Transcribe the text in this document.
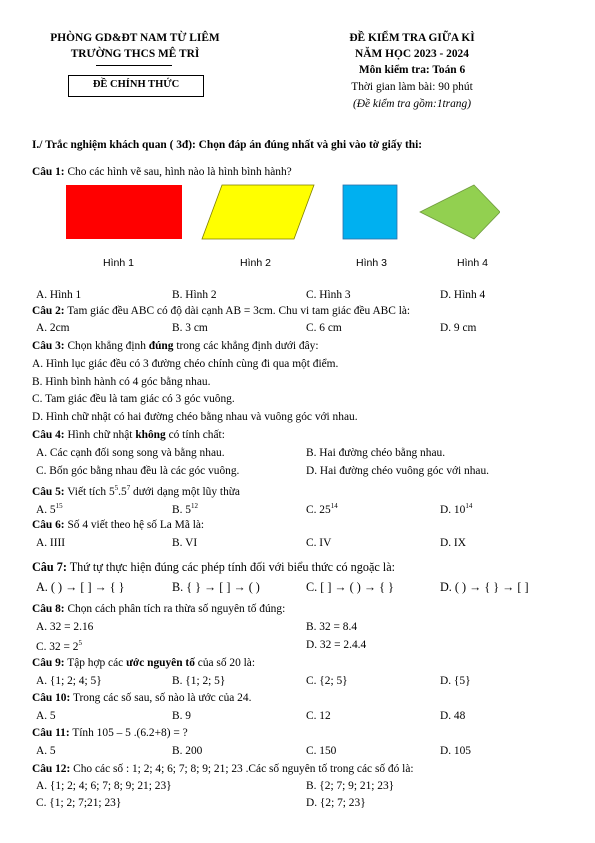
PHÒNG GD&ĐT NAM TỪ LIÊM
TRƯỜNG THCS MÊ TRÌ
ĐỀ CHÍNH THỨC
ĐỀ KIỂM TRA GIỮA KÌ
NĂM HỌC 2023 - 2024
Môn kiểm tra: Toán 6
Thời gian làm bài: 90 phút
(Đề kiểm tra gồm:1trang)
I./ Trắc nghiệm khách quan ( 3đ): Chọn đáp án đúng nhất và ghi vào tờ giấy thi:
Câu 1: Cho các hình vẽ sau, hình nào là hình bình hành?
Hình 1	Hình 2	Hình 3	Hình 4
A. Hình 1	B. Hình 2	C. Hình 3	D. Hình 4
Câu 2: Tam giác đều ABC có độ dài cạnh AB = 3cm. Chu vi tam giác đều ABC là:
A. 2cm	B. 3 cm	C. 6 cm	D. 9 cm
Câu 3: Chọn khẳng định đúng trong các khẳng định dưới đây:
A. Hình lục giác đều có 3 đường chéo chính cùng đi qua một điểm.
B. Hình bình hành có 4 góc bằng nhau.
C. Tam giác đều là tam giác có 3 góc vuông.
D. Hình chữ nhật có hai đường chéo bằng nhau và vuông góc với nhau.
Câu 4: Hình chữ nhật không có tính chất:
A. Các cạnh đối song song và bằng nhau.	B. Hai đường chéo bằng nhau.
C. Bốn góc bằng nhau đều là các góc vuông.	D. Hai đường chéo vuông góc với nhau.
Câu 5: Viết tích $5^5.5^7$ dưới dạng một lũy thừa
A. $5^{15}$	B. $5^{12}$	C. $25^{14}$	D. $10^{14}$
Câu 6: Số 4 viết theo hệ số La Mã là:
A. IIII	B. VI	C. IV	D. IX
Câu 7: Thứ tự thực hiện đúng các phép tính đối với biểu thức có ngoặc là:
A. ( ) → [ ] → { }	B. { } → [ ] → ( )	C. [ ] → ( ) → { }	D. ( ) → { } → [ ]
Câu 8: Chọn cách phân tích ra thừa số nguyên tố đúng:
A. 32 = 2.16	B. 32 = 8.4
C. $32 = 2^5$	D. 32 = 2.4.4
Câu 9: Tập hợp các ước nguyên tố của số 20 là:
A. {1; 2; 4; 5}	B. {1; 2; 5}	C. {2; 5}	D. {5}
Câu 10: Trong các số sau, số nào là ước của 24.
A. 5	B. 9	C. 12	D. 48
Câu 11: Tính 105 – 5 .(6.2+8) = ?
A. 5	B. 200	C. 150	D. 105
Câu 12: Cho các số : 1; 2; 4; 6; 7; 8; 9; 21; 23 .Các số nguyên tố trong các số đó là:
A. {1; 2; 4; 6; 7; 8; 9; 21; 23}	B. {2; 7; 9; 21; 23}
C. {1; 2; 7;21; 23}	D. {2; 7; 23}
